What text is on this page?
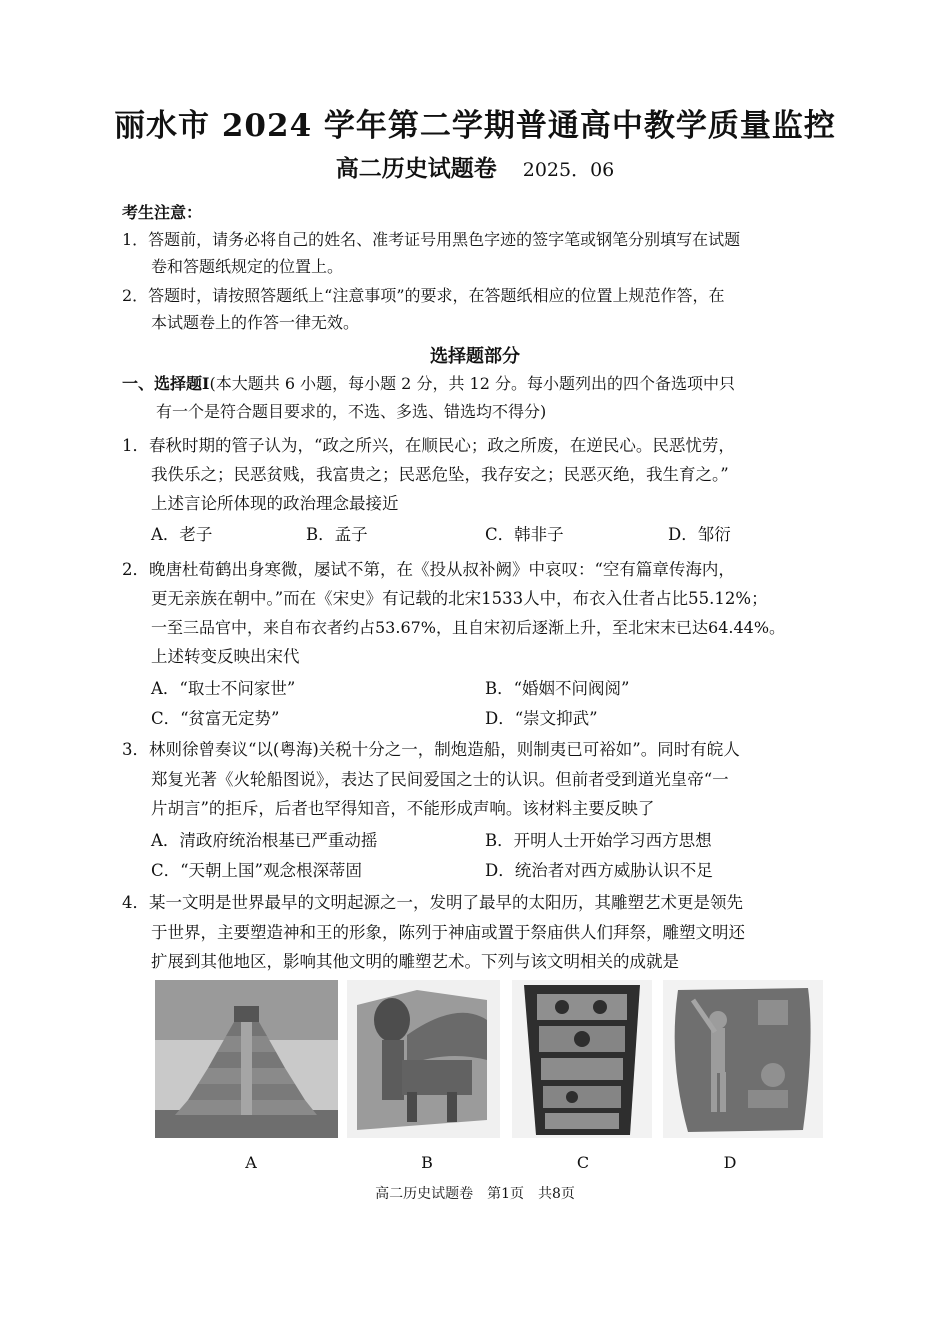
丽水市 2024 学年第二学期普通高中教学质量监控
高二历史试题卷 2025．06
考生注意：
1．答题前，请务必将自己的姓名、准考证号用黑色字迹的签字笔或钢笔分别填写在试题
卷和答题纸规定的位置上。
2．答题时，请按照答题纸上“注意事项”的要求，在答题纸相应的位置上规范作答，在
本试题卷上的作答一律无效。
选择题部分
一、选择题Ⅰ(本大题共 6 小题，每小题 2 分，共 12 分。每小题列出的四个备选项中只
有一个是符合题目要求的，不选、多选、错选均不得分)
1．春秋时期的管子认为，“政之所兴，在顺民心；政之所废，在逆民心。民恶忧劳，
我佚乐之；民恶贫贱，我富贵之；民恶危坠，我存安之；民恶灭绝，我生育之。”
上述言论所体现的政治理念最接近
A．老子	B．孟子	C．韩非子	D．邹衍
2．晚唐杜荀鹤出身寒微，屡试不第，在《投从叔补阙》中哀叹：“空有篇章传海内，
更无亲族在朝中。”而在《宋史》有记载的北宋1533人中，布衣入仕者占比55.12%；
一至三品官中，来自布衣者约占53.67%，且自宋初后逐渐上升，至北宋末已达64.44%。
上述转变反映出宋代
A．“取士不问家世”	B．“婚姻不问阀阅”
C．“贫富无定势”	D．“崇文抑武”
3．林则徐曾奏议“以(粤海)关税十分之一，制炮造船，则制夷已可裕如”。同时有皖人
郑复光著《火轮船图说》，表达了民间爱国之士的认识。但前者受到道光皇帝“一
片胡言”的拒斥，后者也罕得知音，不能形成声响。该材料主要反映了
A．清政府统治根基已严重动摇	B．开明人士开始学习西方思想
C．“天朝上国”观念根深蒂固	D．统治者对西方威胁认识不足
4．某一文明是世界最早的文明起源之一，发明了最早的太阳历，其雕塑艺术更是领先
于世界，主要塑造神和王的形象，陈列于神庙或置于祭庙供人们拜祭，雕塑文明还
扩展到其他地区，影响其他文明的雕塑艺术。下列与该文明相关的成就是
A	B	C	D
高二历史试题卷　第1页　共8页
